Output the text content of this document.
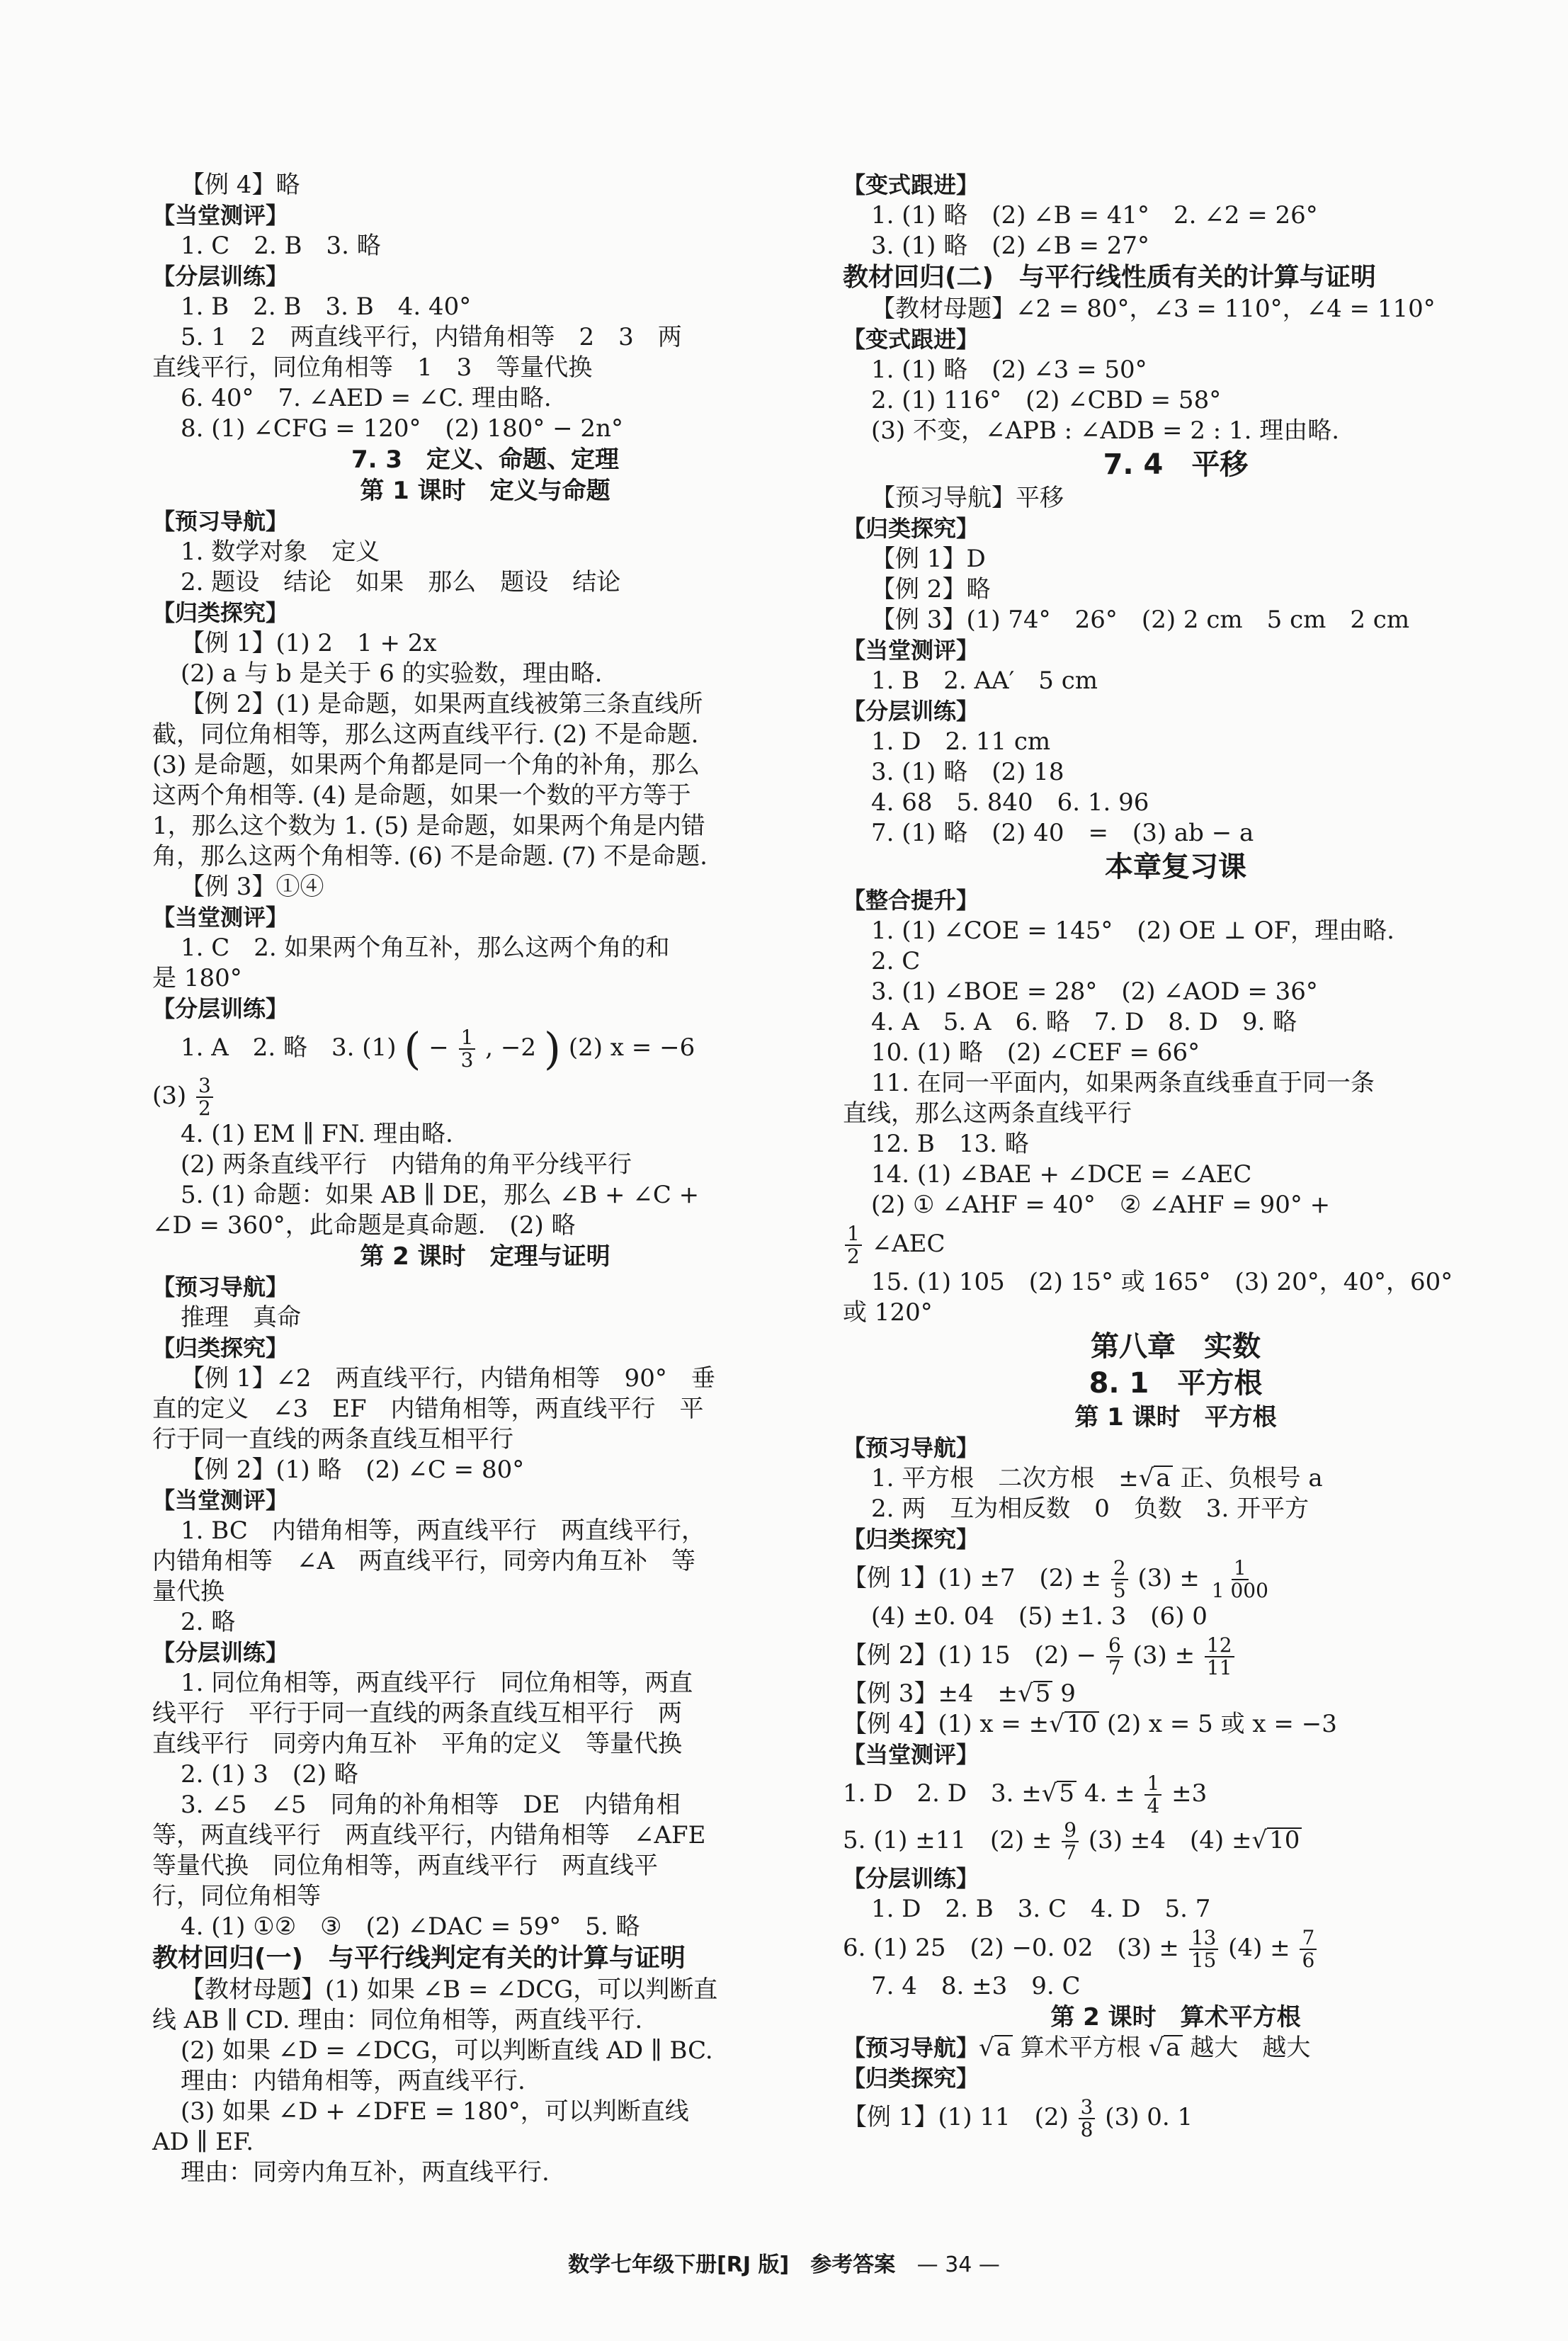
【例 4】略
【当堂测评】
1. C　2. B　3. 略
【分层训练】
1. B　2. B　3. B　4. 40°
5. 1　2　两直线平行，内错角相等　2　3　两
直线平行，同位角相等　1　3　等量代换
6. 40°　7. ∠AED = ∠C. 理由略.
8. (1) ∠CFG = 120°　(2) 180° − 2n°
7. 3　定义、命题、定理
第 1 课时　定义与命题
【预习导航】
1. 数学对象　定义
2. 题设　结论　如果　那么　题设　结论
【归类探究】
【例 1】(1) 2　1 + 2x
(2) a 与 b 是关于 6 的实验数，理由略.
【例 2】(1) 是命题，如果两直线被第三条直线所
截，同位角相等，那么这两直线平行. (2) 不是命题.
(3) 是命题，如果两个角都是同一个角的补角，那么
这两个角相等. (4) 是命题，如果一个数的平方等于
1，那么这个数为 1. (5) 是命题，如果两个角是内错
角，那么这两个角相等. (6) 不是命题. (7) 不是命题.
【例 3】①④
【当堂测评】
1. C　2. 如果两个角互补，那么这两个角的和
是 180°
【分层训练】
1. A　2. 略　3. (1) ( − $\frac{1}{3}$ , −2 ) (2) x = −6
$(3) \frac{3}{2}$
4. (1) EM ∥ FN. 理由略.
(2) 两条直线平行　内错角的角平分线平行
5. (1) 命题：如果 AB ∥ DE，那么 ∠B + ∠C +
∠D = 360°，此命题是真命题.　(2) 略
第 2 课时　定理与证明
【预习导航】
推理　真命
【归类探究】
【例 1】∠2　两直线平行，内错角相等　90°　垂
直的定义　∠3　EF　内错角相等，两直线平行　平
行于同一直线的两条直线互相平行
【例 2】(1) 略　(2) ∠C = 80°
【当堂测评】
1. BC　内错角相等，两直线平行　两直线平行，
内错角相等　∠A　两直线平行，同旁内角互补　等
量代换
2. 略
【分层训练】
1. 同位角相等，两直线平行　同位角相等，两直
线平行　平行于同一直线的两条直线互相平行　两
直线平行　同旁内角互补　平角的定义　等量代换
2. (1) 3　(2) 略
3. ∠5　∠5　同角的补角相等　DE　内错角相
等，两直线平行　两直线平行，内错角相等　∠AFE
等量代换　同位角相等，两直线平行　两直线平
行，同位角相等
4. (1) ①②　③　(2) ∠DAC = 59°　5. 略
教材回归(一)　与平行线判定有关的计算与证明
【教材母题】(1) 如果 ∠B = ∠DCG，可以判断直
线 AB ∥ CD. 理由：同位角相等，两直线平行.
(2) 如果 ∠D = ∠DCG，可以判断直线 AD ∥ BC.
理由：内错角相等，两直线平行.
(3) 如果 ∠D + ∠DFE = 180°，可以判断直线
AD ∥ EF.
理由：同旁内角互补，两直线平行.
【变式跟进】
1. (1) 略　(2) ∠B = 41°　2. ∠2 = 26°
3. (1) 略　(2) ∠B = 27°
教材回归(二)　与平行线性质有关的计算与证明
【教材母题】∠2 = 80°，∠3 = 110°，∠4 = 110°
【变式跟进】
1. (1) 略　(2) ∠3 = 50°
2. (1) 116°　(2) ∠CBD = 58°
(3) 不变，∠APB : ∠ADB = 2 : 1. 理由略.
7. 4　平移
【预习导航】平移
【归类探究】
【例 1】D
【例 2】略
【例 3】(1) 74°　26°　(2) 2 cm　5 cm　2 cm
【当堂测评】
1. B　2. AA′　5 cm
【分层训练】
1. D　2. 11 cm
3. (1) 略　(2) 18
4. 68　5. 840　6. 1. 96
7. (1) 略　(2) 40　=　(3) ab − a
本章复习课
【整合提升】
1. (1) ∠COE = 145°　(2) OE ⊥ OF，理由略.
2. C
3. (1) ∠BOE = 28°　(2) ∠AOD = 36°
4. A　5. A　6. 略　7. D　8. D　9. 略
10. (1) 略　(2) ∠CEF = 66°
11. 在同一平面内，如果两条直线垂直于同一条
直线，那么这两条直线平行
12. B　13. 略
14. (1) ∠BAE + ∠DCE = ∠AEC
(2) ① ∠AHF = 40°　② ∠AHF = 90° +
$\frac{1}{2}$ ∠AEC
15. (1) 105　(2) 15° 或 165°　(3) 20°，40°，60°
或 120°
第八章　实数
8. 1　平方根
第 1 课时　平方根
【预习导航】
1. 平方根　二次方根　±√a 正、负根号 a
2. 两　互为相反数　0　负数　3. 开平方
【归类探究】
【例 1】(1) ±7　$(2) \pm \frac{2}{5} (3) \pm \frac{1}{1 000}$
(4) ±0. 04　(5) ±1. 3　(6) 0
【例 2】(1) 15　$(2) - \frac{6}{7} (3) \pm \frac{12}{11}$
【例 3】±4　±√5 9
【例 4】(1) x = ±√10 (2) x = 5 或 x = −3
【当堂测评】
1. D　2. D　3. ±√5 4. ± $\frac{1}{4} \pm 3$
5. (1) ±11　$(2) \pm \frac{9}{7} (3) \pm 4$　(4) ±√10
【分层训练】
1. D　2. B　3. C　4. D　5. 7
6. (1) 25　(2) −0. 02　$(3) \pm \frac{13}{15} (4) \pm \frac{7}{6}$
7. 4　8. ±3　9. C
第 2 课时　算术平方根
【预习导航】√a 算术平方根 √a 越大　越大
【归类探究】
【例 1】(1) 11　$(2) \frac{3}{8} (3)$ 0. 1
数学七年级下册[RJ 版]　参考答案 — 34 —
